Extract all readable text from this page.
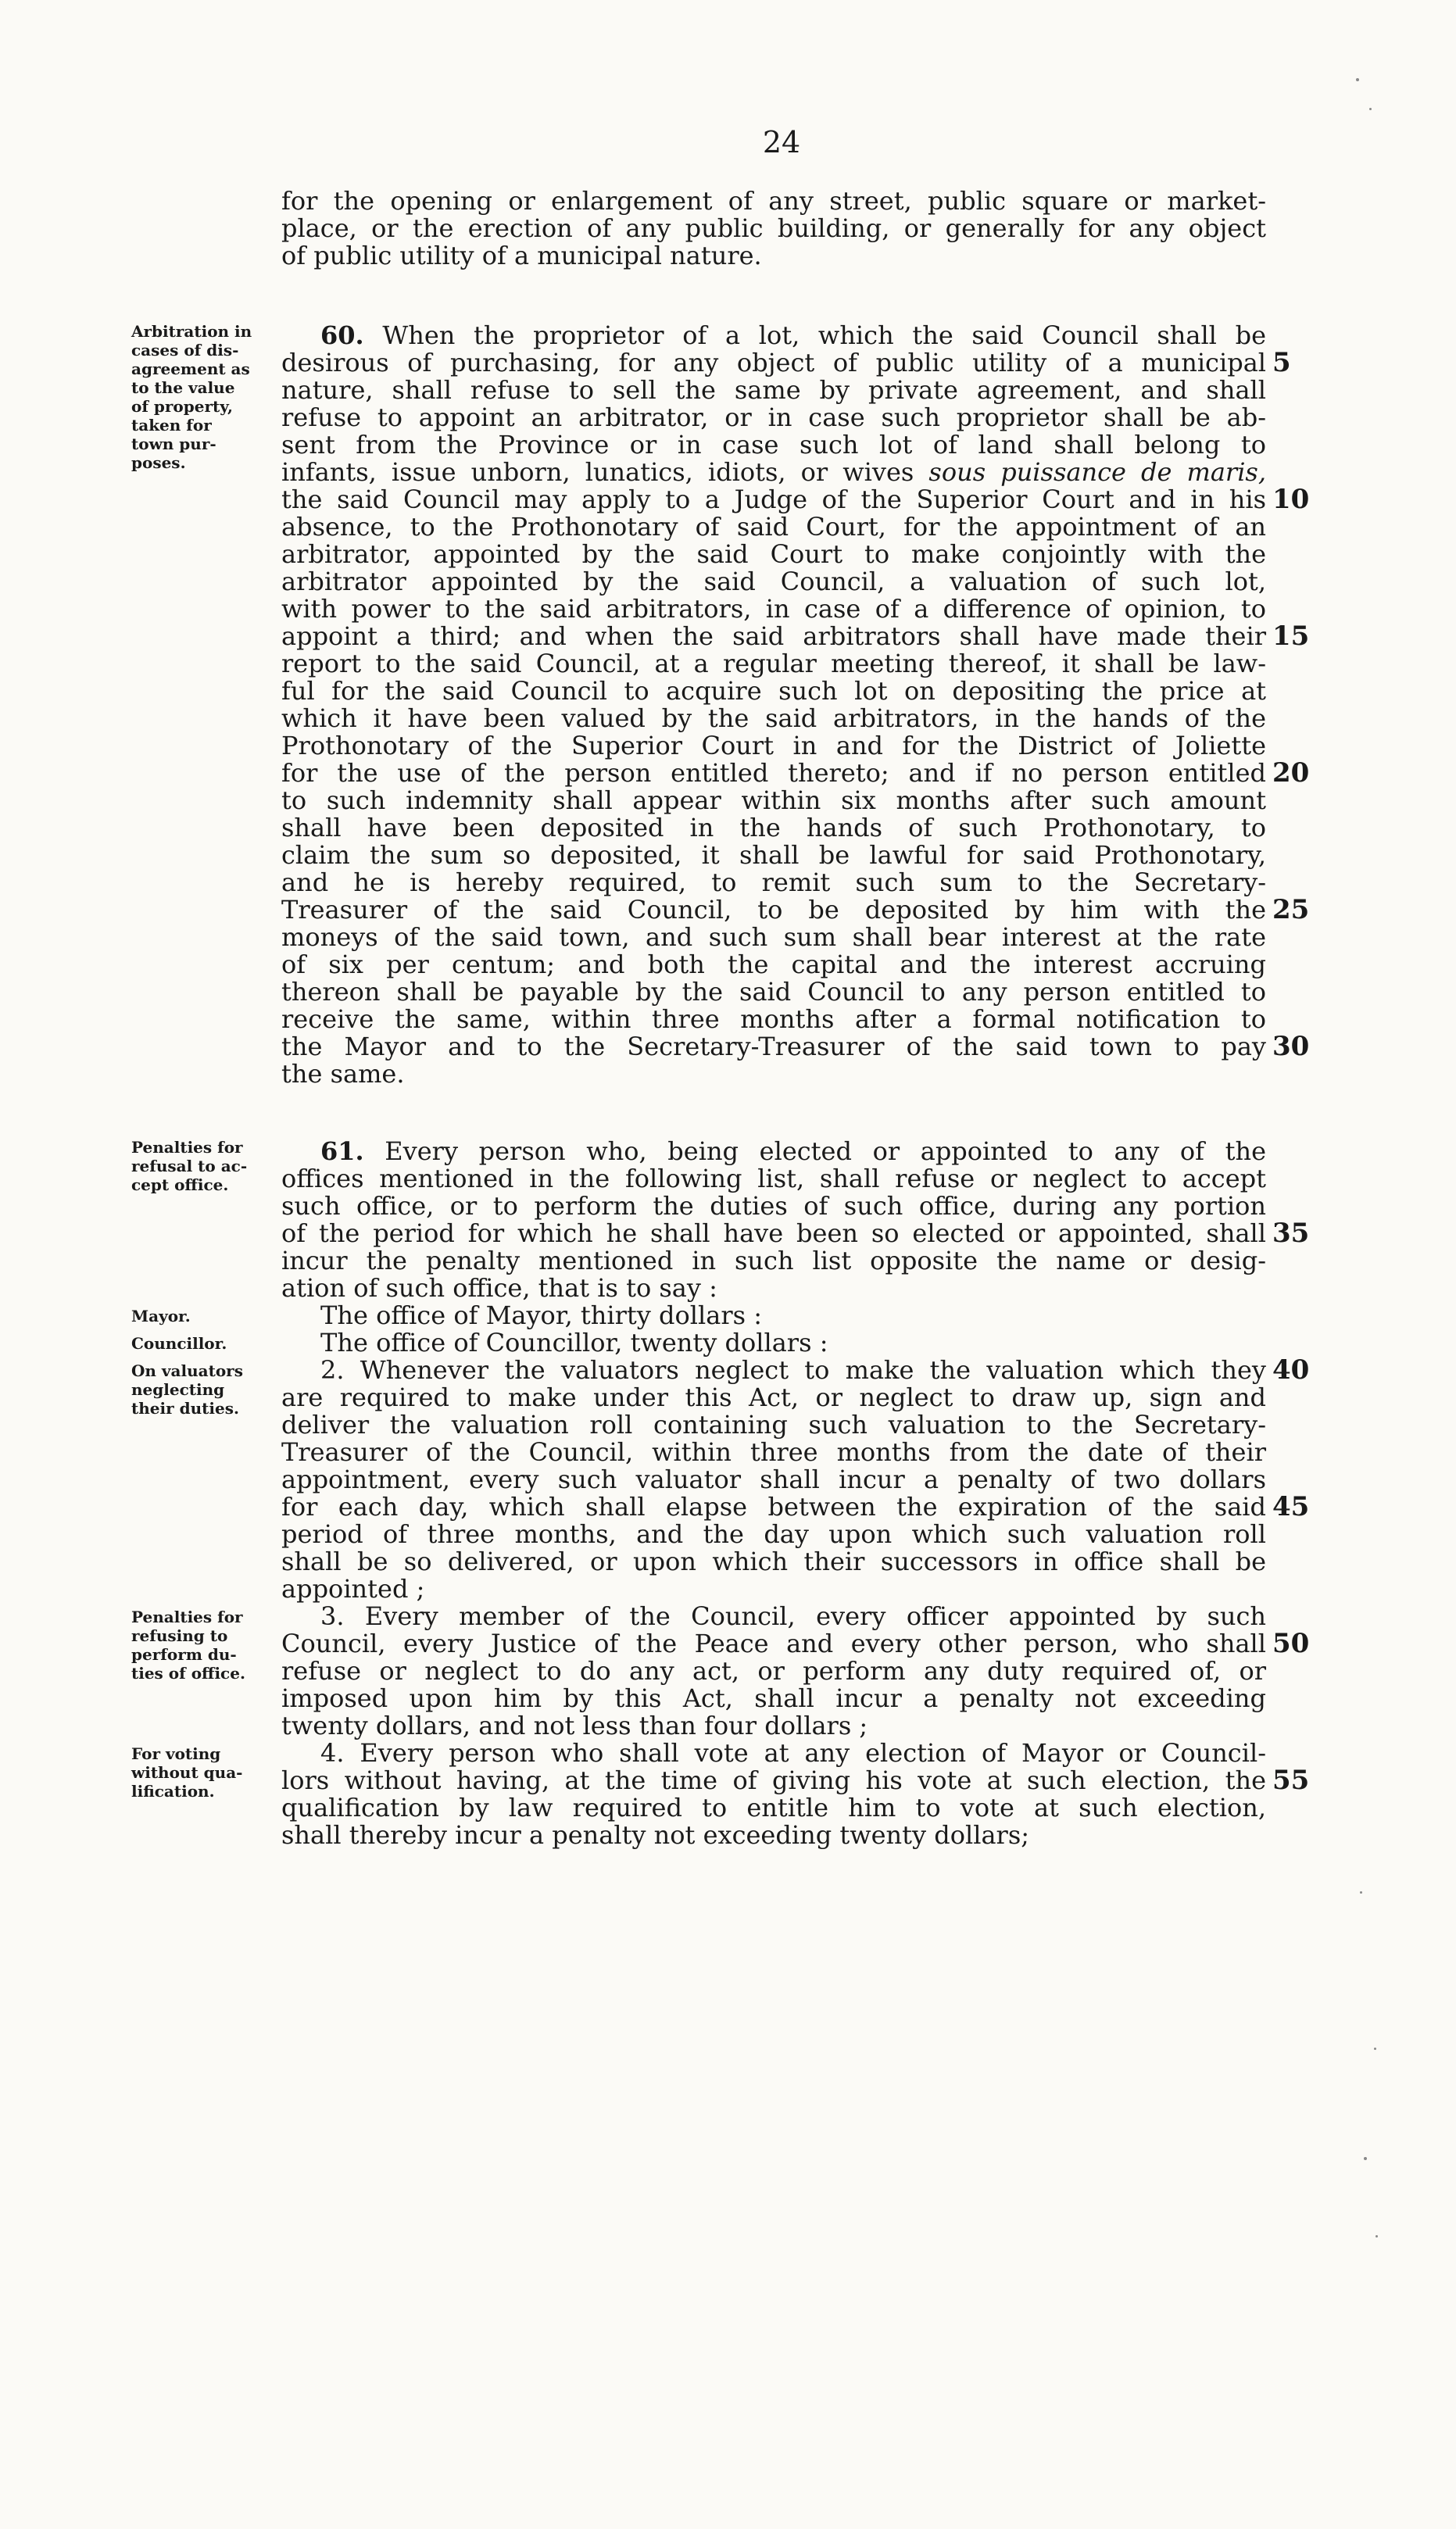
24
for the opening or enlargement of any street, public square or market-
place, or the erection of any public building, or generally for any object
of public utility of a municipal nature.
Arbitration in
cases of dis-
agreement as
to the value
of property,
taken for
town pur-
poses.
60. When the proprietor of a lot, which the said Council shall be
desirous of purchasing, for any object of public utility of a municipal 5
nature, shall refuse to sell the same by private agreement, and shall
refuse to appoint an arbitrator, or in case such proprietor shall be ab-
sent from the Province or in case such lot of land shall belong to
infants, issue unborn, lunatics, idiots, or wives sous puissance de maris,
the said Council may apply to a Judge of the Superior Court and in his 10
absence, to the Prothonotary of said Court, for the appointment of an
arbitrator, appointed by the said Court to make conjointly with the
arbitrator appointed by the said Council, a valuation of such lot,
with power to the said arbitrators, in case of a difference of opinion, to
appoint a third; and when the said arbitrators shall have made their 15
report to the said Council, at a regular meeting thereof, it shall be law-
ful for the said Council to acquire such lot on depositing the price at
which it have been valued by the said arbitrators, in the hands of the
Prothonotary of the Superior Court in and for the District of Joliette
for the use of the person entitled thereto; and if no person entitled 20
to such indemnity shall appear within six months after such amount
shall have been deposited in the hands of such Prothonotary, to
claim the sum so deposited, it shall be lawful for said Prothonotary,
and he is hereby required, to remit such sum to the Secretary-
Treasurer of the said Council, to be deposited by him with the 25
moneys of the said town, and such sum shall bear interest at the rate
of six per centum; and both the capital and the interest accruing
thereon shall be payable by the said Council to any person entitled to
receive the same, within three months after a formal notification to
the Mayor and to the Secretary-Treasurer of the said town to pay 30
the same.
Penalties for
refusal to ac-
cept office.
61. Every person who, being elected or appointed to any of the
offices mentioned in the following list, shall refuse or neglect to accept
such office, or to perform the duties of such office, during any portion
of the period for which he shall have been so elected or appointed, shall 35
incur the penalty mentioned in such list opposite the name or desig-
ation of such office, that is to say :
Mayor.	The office of Mayor, thirty dollars :
Councillor.	The office of Councillor, twenty dollars :
On valuators
neglecting
their duties.
2. Whenever the valuators neglect to make the valuation which they 40
are required to make under this Act, or neglect to draw up, sign and
deliver the valuation roll containing such valuation to the Secretary-
Treasurer of the Council, within three months from the date of their
appointment, every such valuator shall incur a penalty of two dollars
for each day, which shall elapse between the expiration of the said 45
period of three months, and the day upon which such valuation roll
shall be so delivered, or upon which their successors in office shall be
appointed ;
Penalties for
refusing to
perform du-
ties of office.
3. Every member of the Council, every officer appointed by such
Council, every Justice of the Peace and every other person, who shall 50
refuse or neglect to do any act, or perform any duty required of, or
imposed upon him by this Act, shall incur a penalty not exceeding
twenty dollars, and not less than four dollars ;
For voting
without qua-
lification.
4. Every person who shall vote at any election of Mayor or Council-
lors without having, at the time of giving his vote at such election, the 55
qualification by law required to entitle him to vote at such election,
shall thereby incur a penalty not exceeding twenty dollars;
